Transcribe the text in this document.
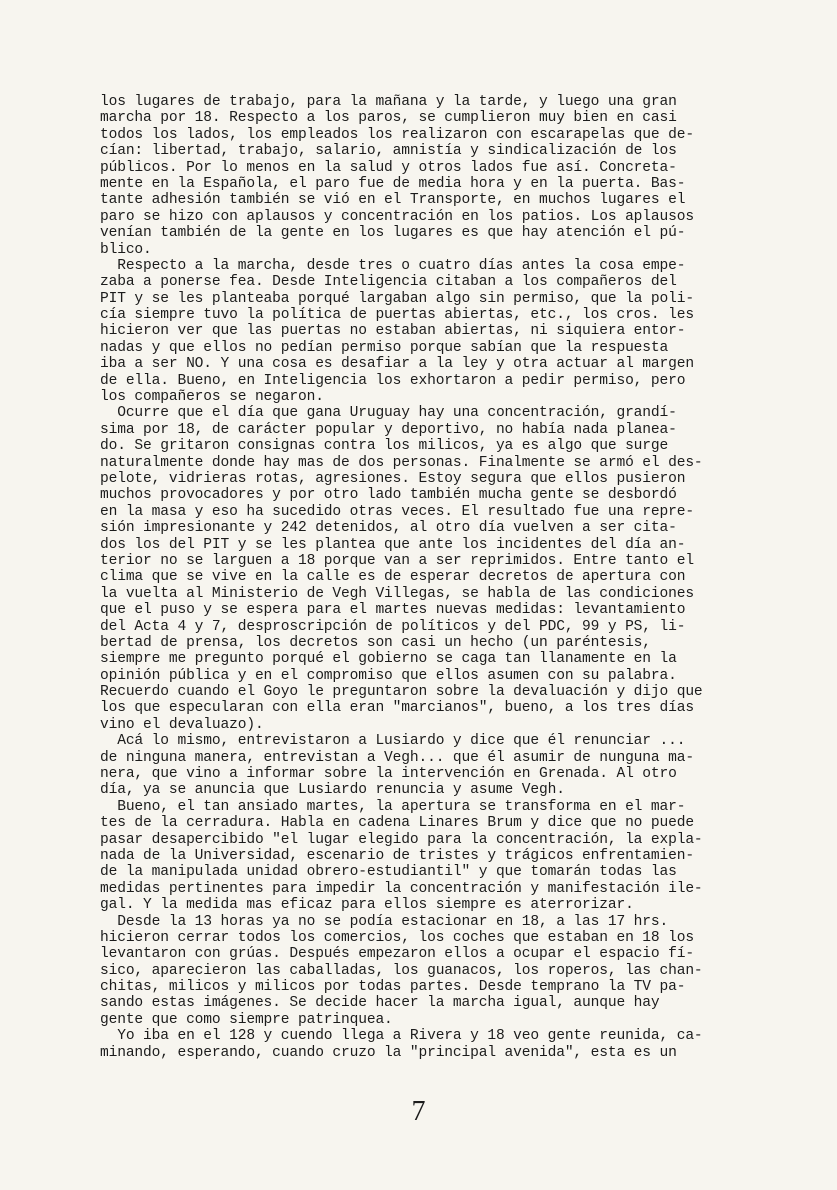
los lugares de trabajo, para la mañana y la tarde, y luego una gran
marcha por 18. Respecto a los paros, se cumplieron muy bien en casi
todos los lados, los empleados los realizaron con escarapelas que de-
cían: libertad, trabajo, salario, amnistía y sindicalización de los
públicos. Por lo menos en la salud y otros lados fue así. Concreta-
mente en la Española, el paro fue de media hora y en la puerta. Bas-
tante adhesión también se vió en el Transporte, en muchos lugares el
paro se hizo con aplausos y concentración en los patios. Los aplausos
venían también de la gente en los lugares es que hay atención el pú-
blico.
Respecto a la marcha, desde tres o cuatro días antes la cosa empe-
zaba a ponerse fea. Desde Inteligencia citaban a los compañeros del
PIT y se les planteaba porqué largaban algo sin permiso, que la poli-
cía siempre tuvo la política de puertas abiertas, etc., los cros. les
hicieron ver que las puertas no estaban abiertas, ni siquiera entor-
nadas y que ellos no pedían permiso porque sabían que la respuesta
iba a ser NO. Y una cosa es desafiar a la ley y otra actuar al margen
de ella. Bueno, en Inteligencia los exhortaron a pedir permiso, pero
los compañeros se negaron.
Ocurre que el día que gana Uruguay hay una concentración, grandí-
sima por 18, de carácter popular y deportivo, no había nada planea-
do. Se gritaron consignas contra los milicos, ya es algo que surge
naturalmente donde hay mas de dos personas. Finalmente se armó el des-
pelote, vidrieras rotas, agresiones. Estoy segura que ellos pusieron
muchos provocadores y por otro lado también mucha gente se desbordó
en la masa y eso ha sucedido otras veces. El resultado fue una repre-
sión impresionante y 242 detenidos, al otro día vuelven a ser cita-
dos los del PIT y se les plantea que ante los incidentes del día an-
terior no se larguen a 18 porque van a ser reprimidos. Entre tanto el
clima que se vive en la calle es de esperar decretos de apertura con
la vuelta al Ministerio de Vegh Villegas, se habla de las condiciones
que el puso y se espera para el martes nuevas medidas: levantamiento
del Acta 4 y 7, desproscripción de políticos y del PDC, 99 y PS, li-
bertad de prensa, los decretos son casi un hecho (un paréntesis,
siempre me pregunto porqué el gobierno se caga tan llanamente en la
opinión pública y en el compromiso que ellos asumen con su palabra.
Recuerdo cuando el Goyo le preguntaron sobre la devaluación y dijo que
los que especularan con ella eran "marcianos", bueno, a los tres días
vino el devaluazo).
Acá lo mismo, entrevistaron a Lusiardo y dice que él renunciar ...
de ninguna manera, entrevistan a Vegh... que él asumir de nunguna ma-
nera, que vino a informar sobre la intervención en Grenada. Al otro
día, ya se anuncia que Lusiardo renuncia y asume Vegh.
Bueno, el tan ansiado martes, la apertura se transforma en el mar-
tes de la cerradura. Habla en cadena Linares Brum y dice que no puede
pasar desapercibido "el lugar elegido para la concentración, la expla-
nada de la Universidad, escenario de tristes y trágicos enfrentamien-
de la manipulada unidad obrero-estudiantil" y que tomarán todas las
medidas pertinentes para impedir la concentración y manifestación ile-
gal. Y la medida mas eficaz para ellos siempre es aterrorizar.
Desde la 13 horas ya no se podía estacionar en 18, a las 17 hrs.
hicieron cerrar todos los comercios, los coches que estaban en 18 los
levantaron con grúas. Después empezaron ellos a ocupar el espacio fí-
sico, aparecieron las caballadas, los guanacos, los roperos, las chan-
chitas, milicos y milicos por todas partes. Desde temprano la TV pa-
sando estas imágenes. Se decide hacer la marcha igual, aunque hay
gente que como siempre patrinquea.
Yo iba en el 128 y cuendo llega a Rivera y 18 veo gente reunida, ca-
minando, esperando, cuando cruzo la "principal avenida", esta es un
7
